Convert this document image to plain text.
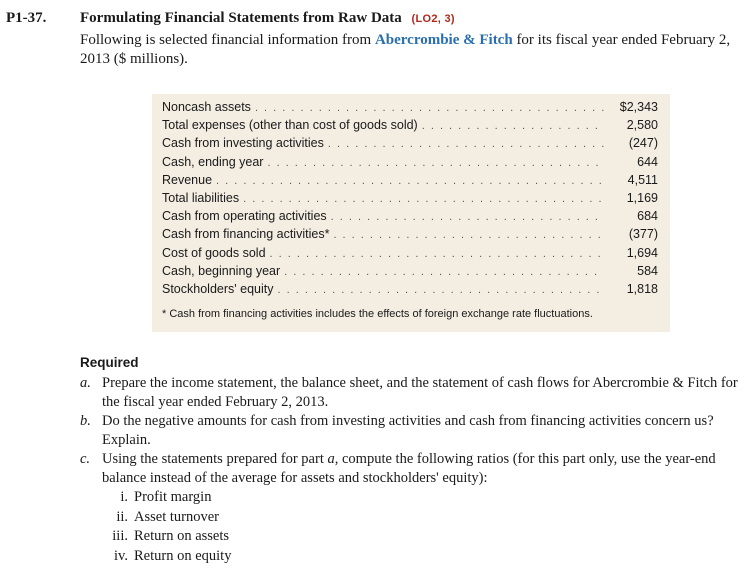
P1-37. Formulating Financial Statements from Raw Data (LO2, 3)
Following is selected financial information from Abercrombie & Fitch for its fiscal year ended February 2, 2013 ($ millions).
Noncash assets . . .	$2,343
Total expenses (other than cost of goods sold) . . .	2,580
Cash from investing activities . . .	(247)
Cash, ending year . . .	644
Revenue . . .	4,511
Total liabilities . . .	1,169
Cash from operating activities . . .	684
Cash from financing activities* . . .	(377)
Cost of goods sold . . .	1,694
Cash, beginning year . . .	584
Stockholders' equity . . .	1,818
* Cash from financing activities includes the effects of foreign exchange rate fluctuations.
Required
a. Prepare the income statement, the balance sheet, and the statement of cash flows for Abercrombie & Fitch for the fiscal year ended February 2, 2013.
b. Do the negative amounts for cash from investing activities and cash from financing activities concern us? Explain.
c. Using the statements prepared for part a, compute the following ratios (for this part only, use the year-end balance instead of the average for assets and stockholders' equity):
i. Profit margin
ii. Asset turnover
iii. Return on assets
iv. Return on equity
